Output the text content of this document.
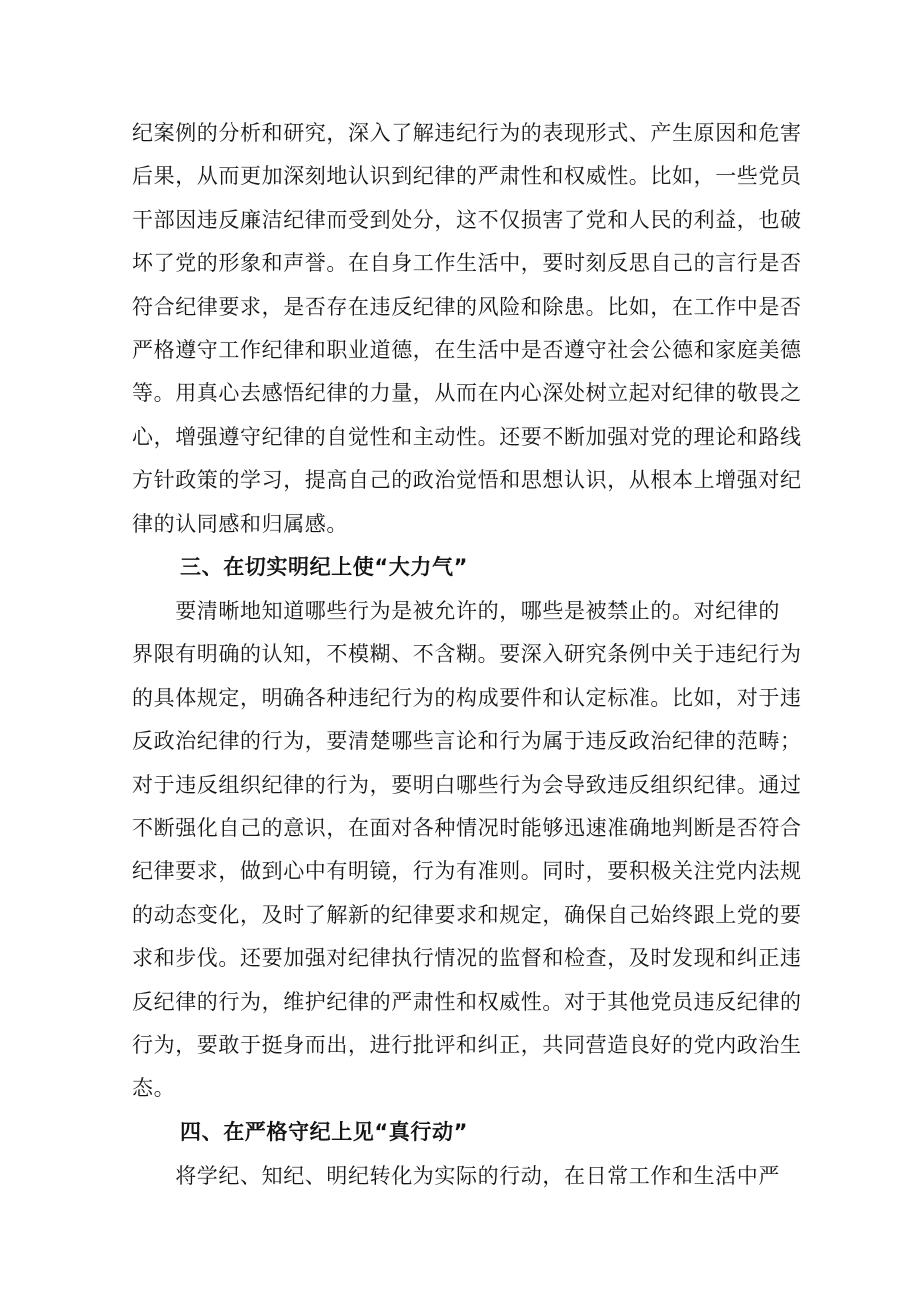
纪案例的分析和研究，深入了解违纪行为的表现形式、产生原因和危害
后果，从而更加深刻地认识到纪律的严肃性和权威性。比如，一些党员
干部因违反廉洁纪律而受到处分，这不仅损害了党和人民的利益，也破
坏了党的形象和声誉。在自身工作生活中，要时刻反思自己的言行是否
符合纪律要求，是否存在违反纪律的风险和除患。比如，在工作中是否
严格遵守工作纪律和职业道德，在生活中是否遵守社会公德和家庭美德
等。用真心去感悟纪律的力量，从而在内心深处树立起对纪律的敬畏之
心，增强遵守纪律的自觉性和主动性。还要不断加强对党的理论和路线
方针政策的学习，提高自己的政治觉悟和思想认识，从根本上增强对纪
律的认同感和归属感。
三、在切实明纪上使“大力气”
　　要清晰地知道哪些行为是被允许的，哪些是被禁止的。对纪律的
界限有明确的认知，不模糊、不含糊。要深入研究条例中关于违纪行为
的具体规定，明确各种违纪行为的构成要件和认定标准。比如，对于违
反政治纪律的行为，要清楚哪些言论和行为属于违反政治纪律的范畴；
对于违反组织纪律的行为，要明白哪些行为会导致违反组织纪律。通过
不断强化自己的意识，在面对各种情况时能够迅速准确地判断是否符合
纪律要求，做到心中有明镜，行为有准则。同时，要积极关注党内法规
的动态变化，及时了解新的纪律要求和规定，确保自己始终跟上党的要
求和步伐。还要加强对纪律执行情况的监督和检查，及时发现和纠正违
反纪律的行为，维护纪律的严肃性和权威性。对于其他党员违反纪律的
行为，要敢于挺身而出，进行批评和纠正，共同营造良好的党内政治生
态。
四、在严格守纪上见“真行动”
　　将学纪、知纪、明纪转化为实际的行动，在日常工作和生活中严
